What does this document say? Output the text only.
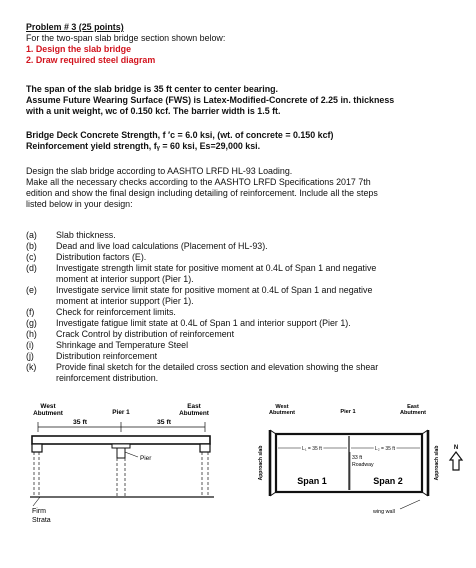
Problem # 3 (25 points)

For the two-span slab bridge section shown below:

1. Design the slab bridge

2. Draw required steel diagram

The span of the slab bridge is 35 ft center to center bearing.

Assume Future Wearing Surface (FWS) is Latex-Modified-Concrete of 2.25 in. thickness

with a unit weight, wᴄ of 0.150 kcf. The barrier width is 1.5 ft.

Bridge Deck Concrete Strength, f ′c = 6.0 ksi, (wt. of concrete = 0.150 kcf)

Reinforcement yield strength, fᵧ = 60 ksi, Es=29,000 ksi.

Design the slab bridge according to AASHTO LRFD HL-93 Loading.

Make all the necessary checks according to the AASHTO LRFD Specifications 2017 7th

edition and show the final design including detailing of reinforcement. Include all the steps

listed below in your design:

(a) Slab thickness.
(b) Dead and live load calculations (Placement of HL-93).
(c) Distribution factors (E).
(d) Investigate strength limit state for positive moment at 0.4L of Span 1 and negative
moment at interior support (Pier 1).
(e) Investigate service limit state for positive moment at 0.4L of Span 1 and negative
moment at interior support (Pier 1).
(f) Check for reinforcement limits.
(g) Investigate fatigue limit state at 0.4L of Span 1 and interior support (Pier 1).
(h) Crack Control by distribution of reinforcement
(i) Shrinkage and Temperature Steel
(j) Distribution reinforcement
(k) Provide final sketch for the detailed cross section and elevation showing the shear
reinforcement distribution.
West
Abutment	Pier 1
East
Abutment
35 ft	35 ft
Pier
Firm
Strata
West
Abutment	Pier 1
East
Abutment
L₁ = 35 ft	L₂ = 35 ft
33 ft
Roadway
Span 1	Span 2
Approach slab	Approach slab
wing wall
N
